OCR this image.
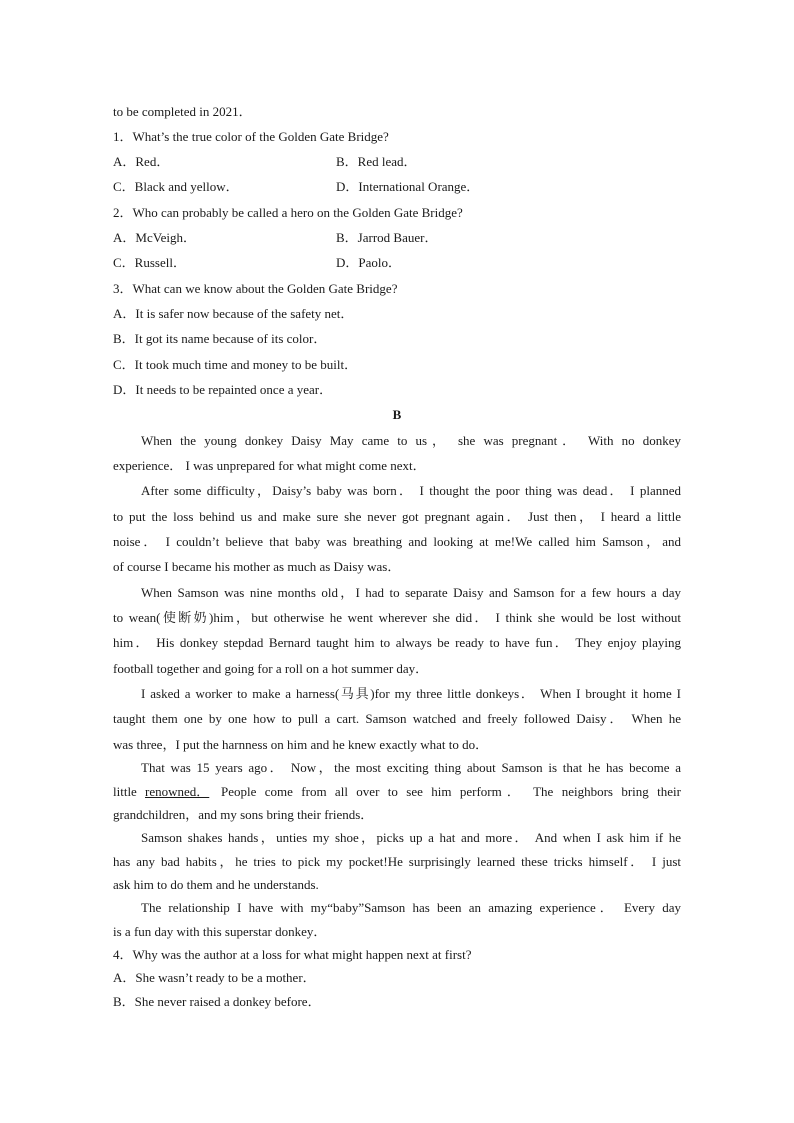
to be completed in 2021．
1．What’s the true color of the Golden Gate Bridge?
A．Red．	B．Red lead．
C．Black and yellow．	D．International Orange．
2．Who can probably be called a hero on the Golden Gate Bridge?
A．McVeigh．	B．Jarrod Bauer．
C．Russell．	D．Paolo．
3．What can we know about the Golden Gate Bridge?
A．It is safer now because of the safety net．
B．It got its name because of its color．
C．It took much time and money to be built．
D．It needs to be repainted once a year．
B
When the young donkey Daisy May came to us， she was pregnant． With no donkey
experience． I was unprepared for what might come next．
After some difficulty，Daisy’s baby was born． I thought the poor thing was dead． I planned
to put the loss behind us and make sure she never got pregnant again． Just then， I heard a little
noise． I couldn’t believe that baby was breathing and looking at me!We called him Samson，and
of course I became his mother as much as Daisy was．
When Samson was nine months old，I had to separate Daisy and Samson for a few hours a day
to wean(使断奶)him，but otherwise he went wherever she did． I think she would be lost without
him． His donkey stepdad Bernard taught him to always be ready to have fun． They enjoy playing
football together and going for a roll on a hot summer day．
I asked a worker to make a harness(马具)for my three little donkeys． When I brought it home I
taught them one by one how to pull a cart. Samson watched and freely followed Daisy． When he
was three，I put the harnness on him and he knew exactly what to do．
That was 15 years ago． Now，the most exciting thing about Samson is that he has become a
little renowned． People come from all over to see him perform． The neighbors bring their
grandchildren，and my sons bring their friends．
Samson shakes hands，unties my shoe，picks up a hat and more． And when I ask him if he
has any bad habits，he tries to pick my pocket!He surprisingly learned these tricks himself． I just
ask him to do them and he understands.
The relationship I have with my“baby”Samson has been an amazing experience． Every day
is a fun day with this superstar donkey．
4．Why was the author at a loss for what might happen next at first?
A．She wasn’t ready to be a mother．
B．She never raised a donkey before．
